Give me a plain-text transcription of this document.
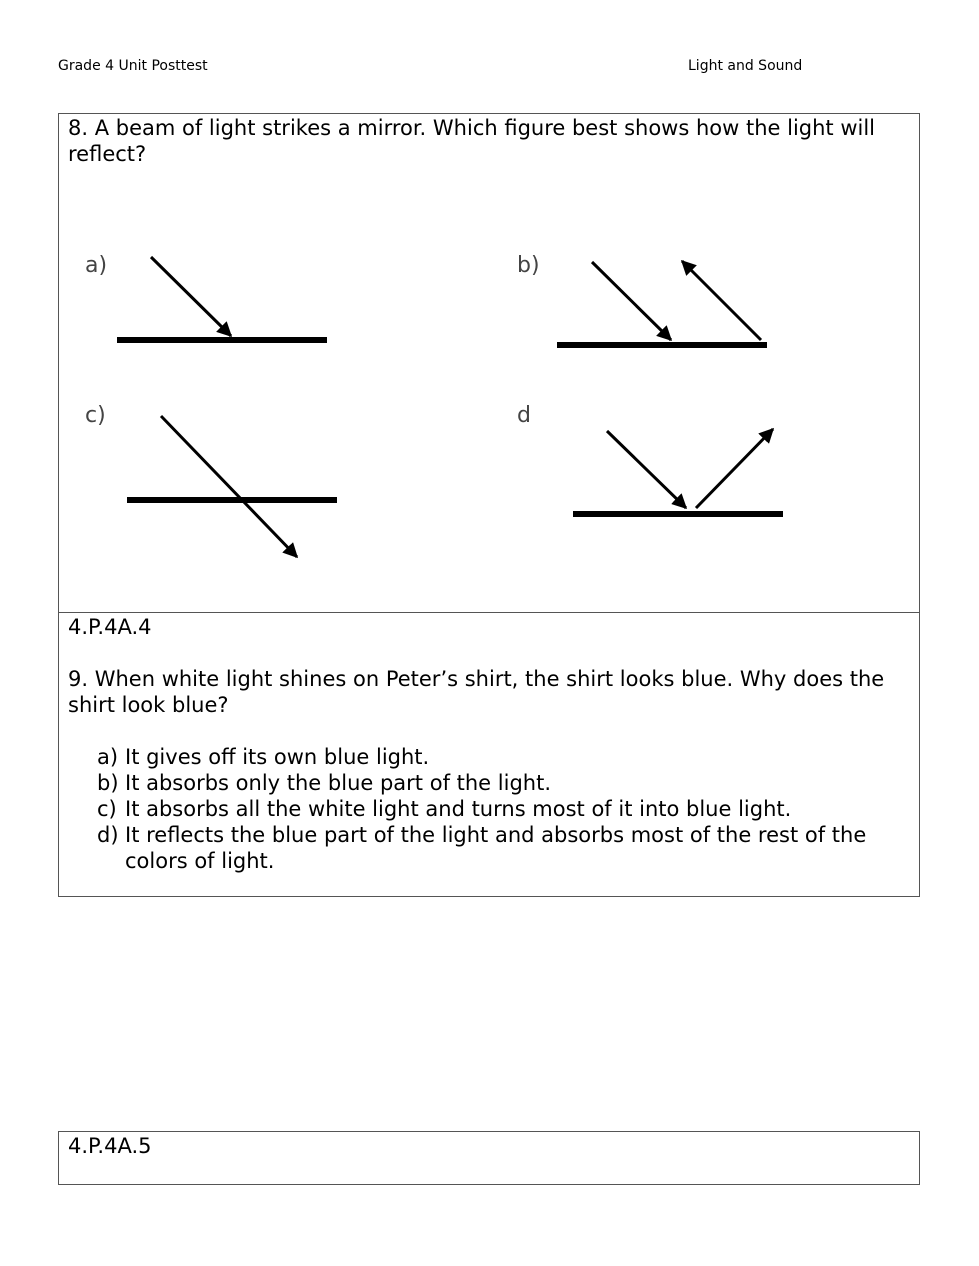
Grade 4 Unit Posttest	Light and Sound
8. A beam of light strikes a mirror. Which figure best shows how the light will reflect?
a)	b)
c)	d
4.P.4A.4
9. When white light shines on Peter’s shirt, the shirt looks blue. Why does the shirt look blue?
a) It gives off its own blue light.
b) It absorbs only the blue part of the light.
c) It absorbs all the white light and turns most of it into blue light.
d) It reflects the blue part of the light and absorbs most of the rest of the colors of light.
4.P.4A.5
